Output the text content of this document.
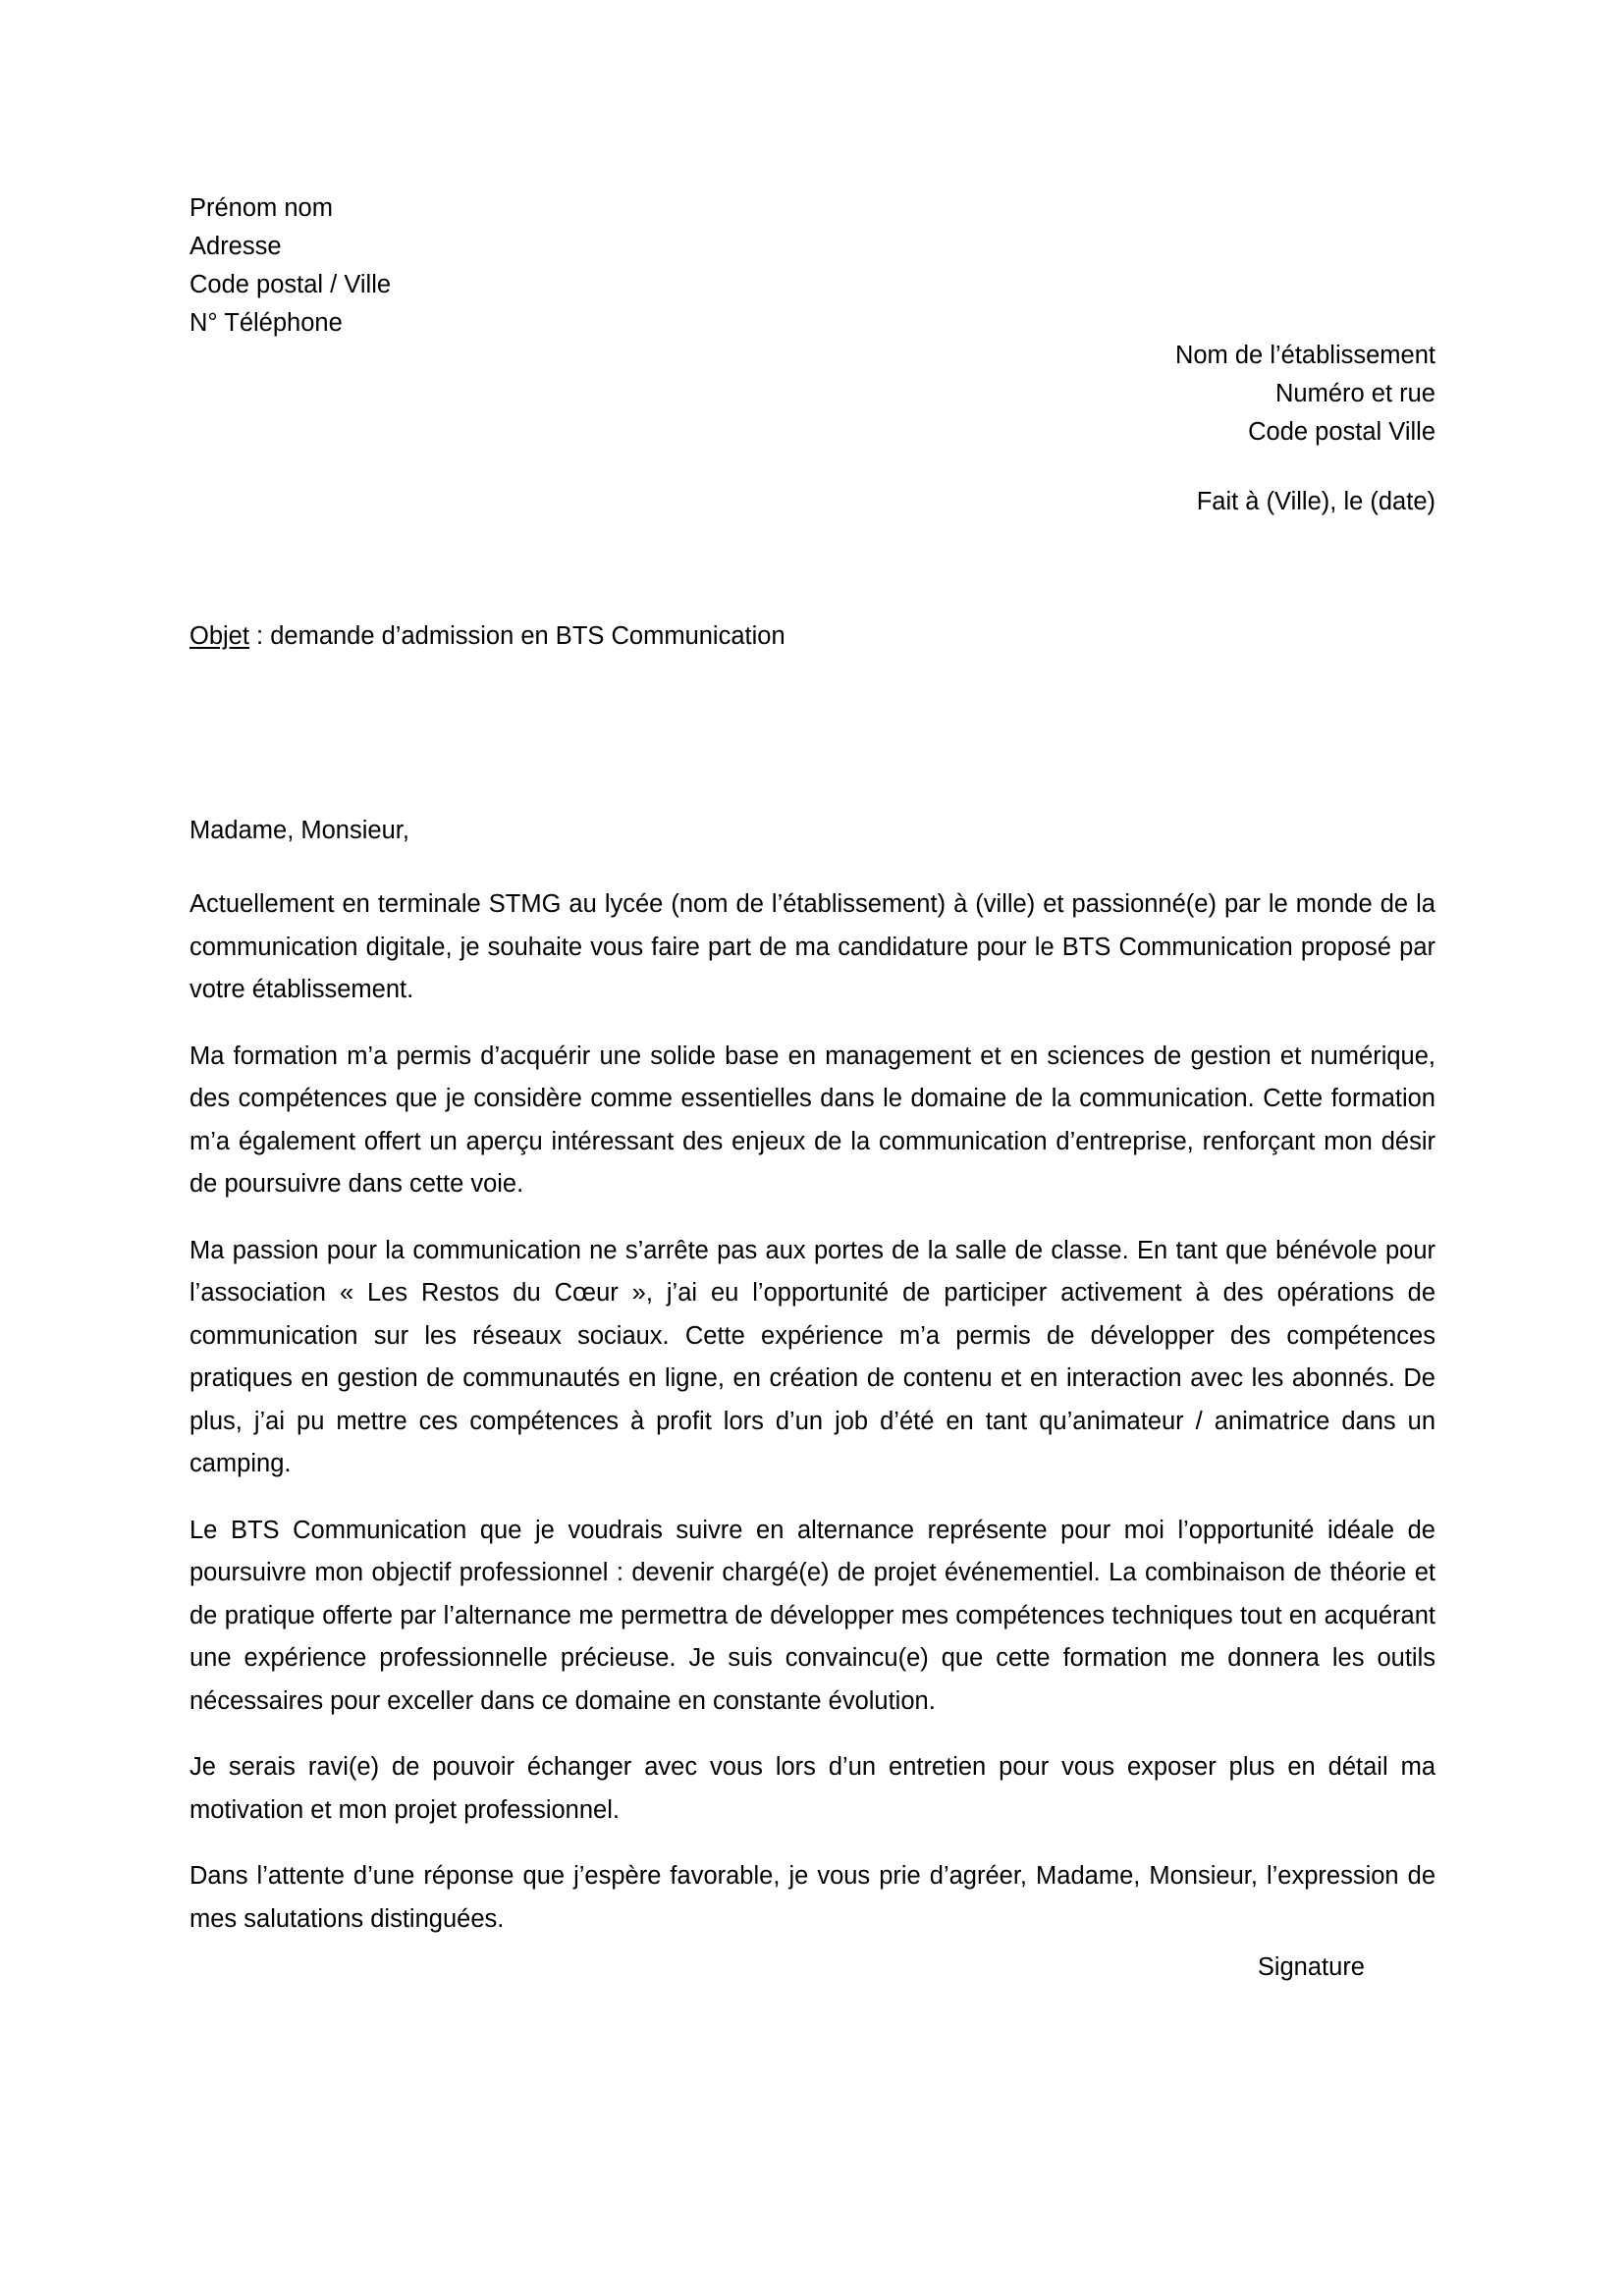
Prénom nom
Adresse
Code postal / Ville
N° Téléphone
Nom de l’établissement
Numéro et rue
Code postal Ville
Fait à (Ville), le (date)
Objet : demande d’admission en BTS Communication
Madame, Monsieur,

Actuellement en terminale STMG au lycée (nom de l’établissement) à (ville) et passionné(e) par le monde de la communication digitale, je souhaite vous faire part de ma candidature pour le BTS Communication proposé par votre établissement.

Ma formation m’a permis d’acquérir une solide base en management et en sciences de gestion et numérique, des compétences que je considère comme essentielles dans le domaine de la communication. Cette formation m’a également offert un aperçu intéressant des enjeux de la communication d’entreprise, renforçant mon désir de poursuivre dans cette voie.

Ma passion pour la communication ne s’arrête pas aux portes de la salle de classe. En tant que bénévole pour l’association « Les Restos du Cœur », j’ai eu l’opportunité de participer activement à des opérations de communication sur les réseaux sociaux. Cette expérience m’a permis de développer des compétences pratiques en gestion de communautés en ligne, en création de contenu et en interaction avec les abonnés. De plus, j’ai pu mettre ces compétences à profit lors d’un job d’été en tant qu’animateur / animatrice dans un camping.

Le BTS Communication que je voudrais suivre en alternance représente pour moi l’opportunité idéale de poursuivre mon objectif professionnel : devenir chargé(e) de projet événementiel. La combinaison de théorie et de pratique offerte par l’alternance me permettra de développer mes compétences techniques tout en acquérant une expérience professionnelle précieuse. Je suis convaincu(e) que cette formation me donnera les outils nécessaires pour exceller dans ce domaine en constante évolution.

Je serais ravi(e) de pouvoir échanger avec vous lors d’un entretien pour vous exposer plus en détail ma motivation et mon projet professionnel.

Dans l’attente d’une réponse que j’espère favorable, je vous prie d’agréer, Madame, Monsieur, l’expression de mes salutations distinguées.

Signature
